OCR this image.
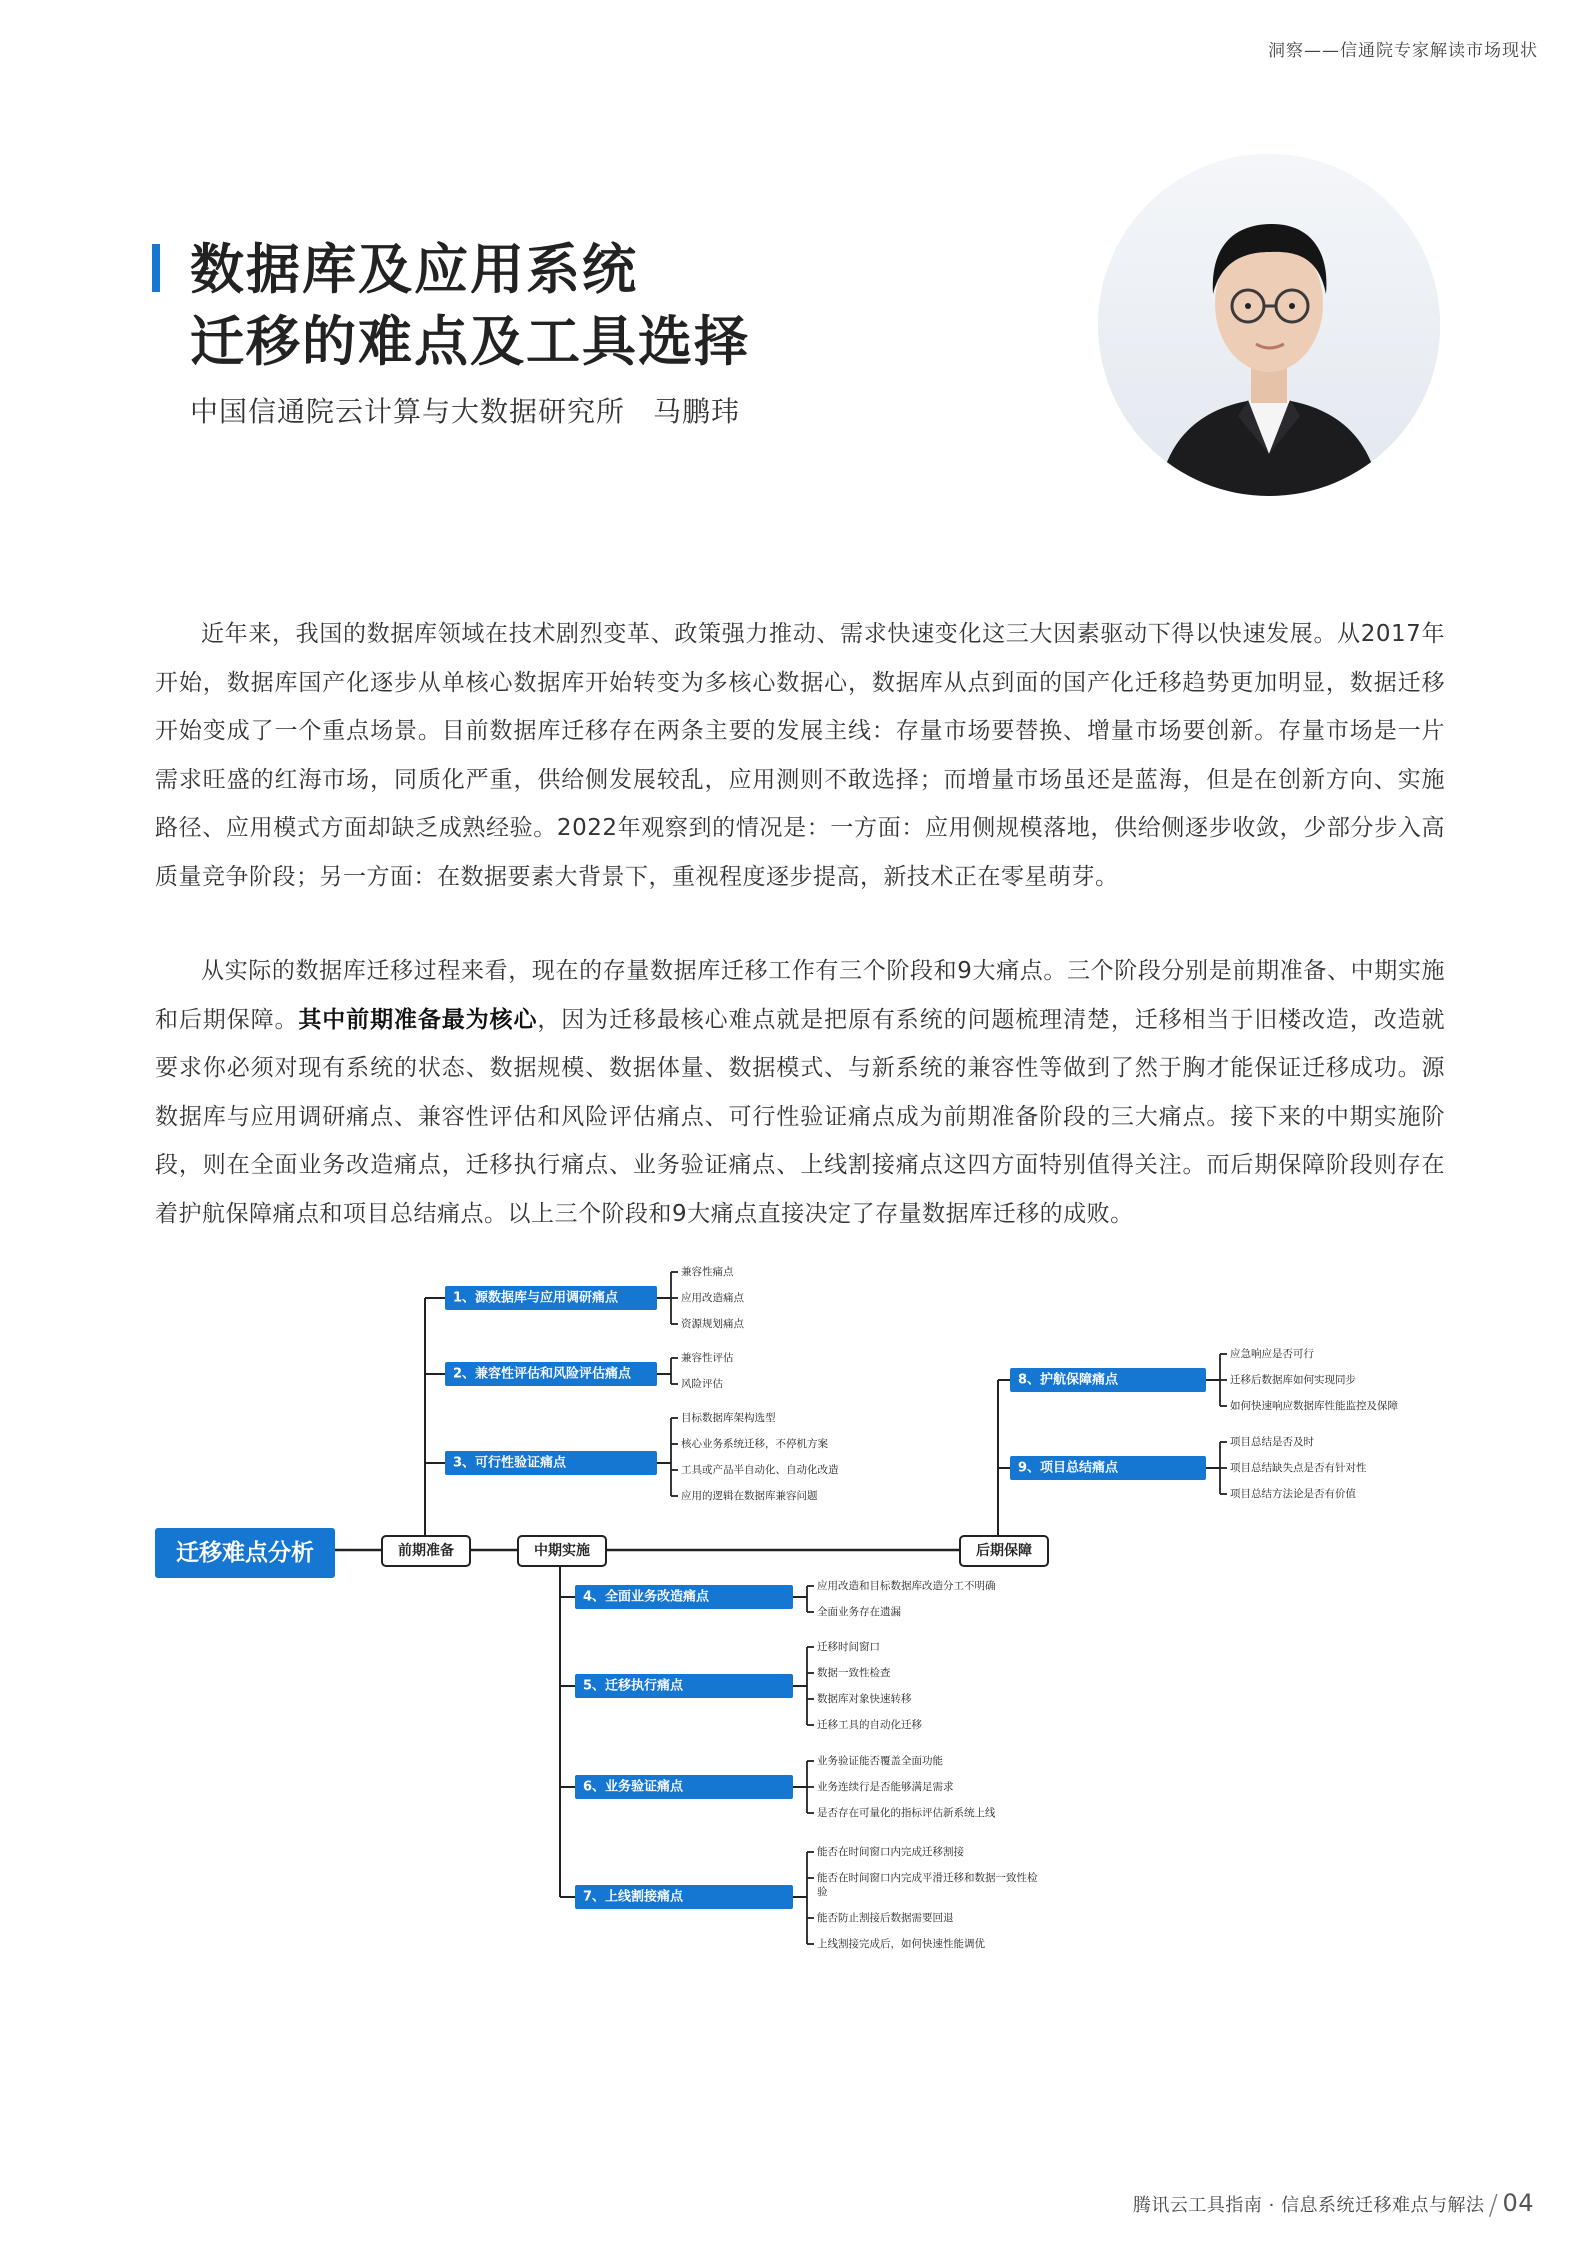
洞察——信通院专家解读市场现状
数据库及应用系统
迁移的难点及工具选择
中国信通院云计算与大数据研究所 马鹏玮
近年来，我国的数据库领域在技术剧烈变革、政策强力推动、需求快速变化这三大因素驱动下得以快速发展。从2017年开始，数据库国产化逐步从单核心数据库开始转变为多核心数据心，数据库从点到面的国产化迁移趋势更加明显，数据迁移开始变成了一个重点场景。目前数据库迁移存在两条主要的发展主线：存量市场要替换、增量市场要创新。存量市场是一片需求旺盛的红海市场，同质化严重，供给侧发展较乱，应用测则不敢选择；而增量市场虽还是蓝海，但是在创新方向、实施路径、应用模式方面却缺乏成熟经验。2022年观察到的情况是：一方面：应用侧规模落地，供给侧逐步收敛，少部分步入高质量竞争阶段；另一方面：在数据要素大背景下，重视程度逐步提高，新技术正在零星萌芽。
从实际的数据库迁移过程来看，现在的存量数据库迁移工作有三个阶段和9大痛点。三个阶段分别是前期准备、中期实施和后期保障。其中前期准备最为核心，因为迁移最核心难点就是把原有系统的问题梳理清楚，迁移相当于旧楼改造，改造就要求你必须对现有系统的状态、数据规模、数据体量、数据模式、与新系统的兼容性等做到了然于胸才能保证迁移成功。源数据库与应用调研痛点、兼容性评估和风险评估痛点、可行性验证痛点成为前期准备阶段的三大痛点。接下来的中期实施阶段，则在全面业务改造痛点，迁移执行痛点、业务验证痛点、上线割接痛点这四方面特别值得关注。而后期保障阶段则存在着护航保障痛点和项目总结痛点。以上三个阶段和9大痛点直接决定了存量数据库迁移的成败。
迁移难点分析	前期准备	中期实施	后期保障
1、源数据库与应用调研痛点
兼容性痛点
应用改造痛点
资源规划痛点
2、兼容性评估和风险评估痛点
兼容性评估
风险评估
3、可行性验证痛点
目标数据库架构选型
核心业务系统迁移，不停机方案
工具或产品半自动化、自动化改造
应用的逻辑在数据库兼容问题
4、全面业务改造痛点
应用改造和目标数据库改造分工不明确
全面业务存在遗漏
5、迁移执行痛点
迁移时间窗口
数据一致性检查
数据库对象快速转移
迁移工具的自动化迁移
6、业务验证痛点
业务验证能否覆盖全面功能
业务连续行是否能够满足需求
是否存在可量化的指标评估新系统上线
7、上线割接痛点
能否在时间窗口内完成迁移割接
能否在时间窗口内完成平滑迁移和数据一致性检
验
能否防止割接后数据需要回退
上线割接完成后，如何快速性能调优
8、护航保障痛点
应急响应是否可行
迁移后数据库如何实现同步
如何快速响应数据库性能监控及保障
9、项目总结痛点
项目总结是否及时
项目总结缺失点是否有针对性
项目总结方法论是否有价值
腾讯云工具指南 · 信息系统迁移难点与解法 / 04
